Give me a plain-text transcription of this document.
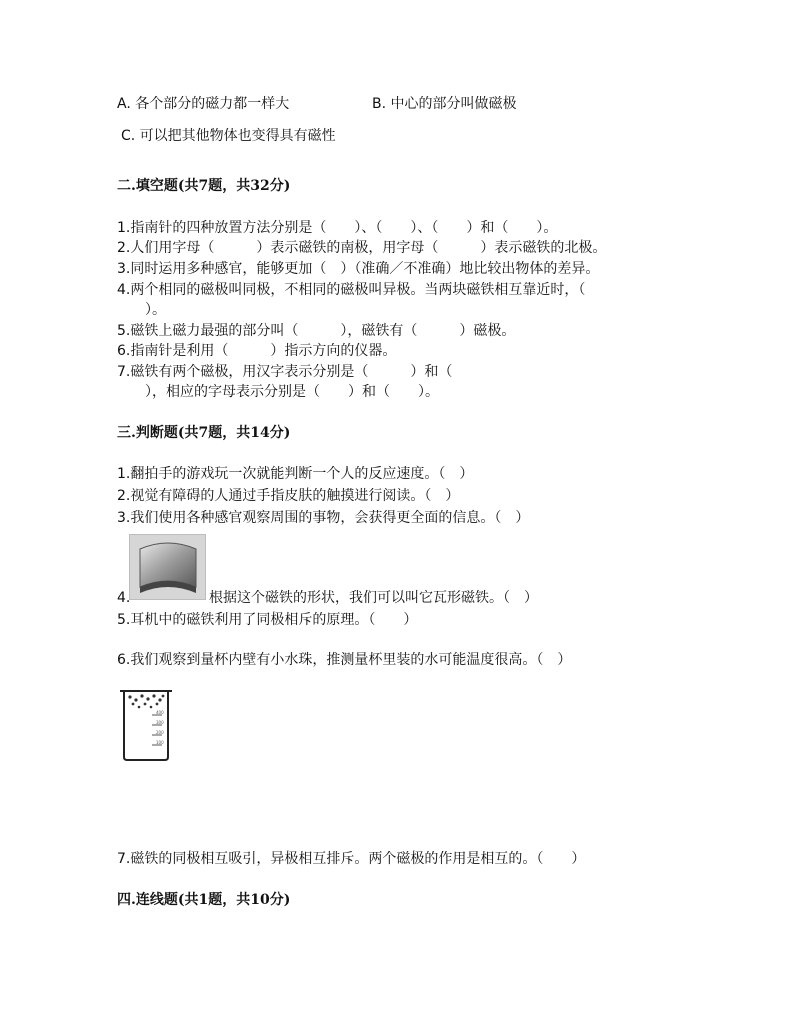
A. 各个部分的磁力都一样大	B. 中心的部分叫做磁极
C. 可以把其他物体也变得具有磁性
二.填空题(共7题，共32分)
1.指南针的四种放置方法分别是（　　）、（　　）、（　　）和（　　）。
2.人们用字母（　　　）表示磁铁的南极，用字母（　　　）表示磁铁的北极。
3.同时运用多种感官，能够更加（　）（准确／不准确）地比较出物体的差异。
4.两个相同的磁极叫同极，不相同的磁极叫异极。当两块磁铁相互靠近时，（
　　）。
5.磁铁上磁力最强的部分叫（　　　），磁铁有（　　　）磁极。
6.指南针是利用（　　　）指示方向的仪器。
7.磁铁有两个磁极，用汉字表示分别是（　　　）和（
　　），相应的字母表示分别是（　　）和（　　）。
三.判断题(共7题，共14分)
1.翻拍手的游戏玩一次就能判断一个人的反应速度。（　）
2.视觉有障碍的人通过手指皮肤的触摸进行阅读。（　）
3.我们使用各种感官观察周围的事物，会获得更全面的信息。（　）
4.	根据这个磁铁的形状，我们可以叫它瓦形磁铁。（　）
5.耳机中的磁铁利用了同极相斥的原理。（　　）
6.我们观察到量杯内壁有小水珠，推测量杯里装的水可能温度很高。（　）
400
300
200
100
7.磁铁的同极相互吸引，异极相互排斥。两个磁极的作用是相互的。（　　）
四.连线题(共1题，共10分)
